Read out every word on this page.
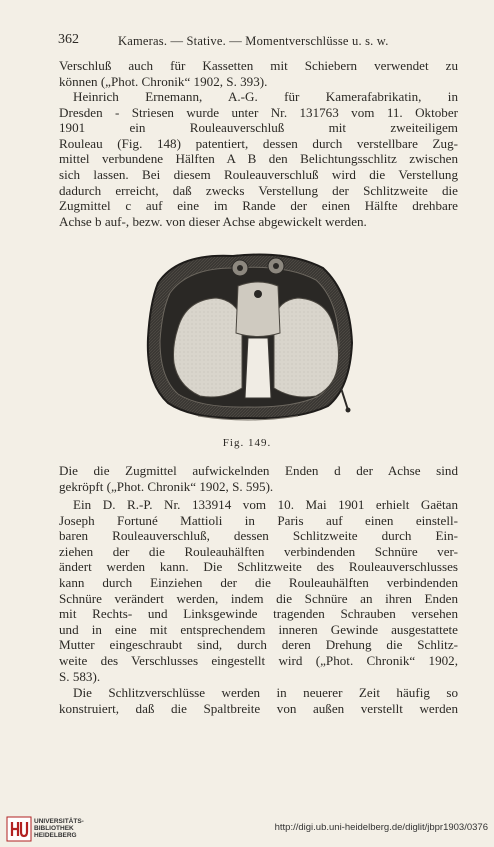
362	Kameras. — Stative. — Momentverschlüsse u. s. w.
Verschluß auch für Kassetten mit Schiebern verwendet zu
können („Phot. Chronik“ 1902, S. 393).
Heinrich Ernemann, A.-G. für Kamerafabrikatin, in
Dresden - Striesen wurde unter Nr. 131763 vom 11. Oktober
1901 ein Rouleauverschluß mit zweiteiligem
Rouleau (Fig. 148) patentiert, dessen durch verstellbare Zug-
mittel verbundene Hälften A B den Belichtungsschlitz zwischen
sich lassen. Bei diesem Rouleauverschluß wird die Verstellung
dadurch erreicht, daß zwecks Verstellung der Schlitzweite die
Zugmittel c auf eine im Rande der einen Hälfte drehbare
Achse b auf-, bezw. von dieser Achse abgewickelt werden.
Fig. 149.
Die die Zugmittel aufwickelnden Enden d der Achse sind
gekröpft („Phot. Chronik“ 1902, S. 595).
Ein D. R.-P. Nr. 133914 vom 10. Mai 1901 erhielt Gaëtan
Joseph Fortuné Mattioli in Paris auf einen einstell-
baren Rouleauverschluß, dessen Schlitzweite durch Ein-
ziehen der die Rouleauhälften verbindenden Schnüre ver-
ändert werden kann. Die Schlitzweite des Rouleauverschlusses
kann durch Einziehen der die Rouleauhälften verbindenden
Schnüre verändert werden, indem die Schnüre an ihren Enden
mit Rechts- und Linksgewinde tragenden Schrauben versehen
und in eine mit entsprechendem inneren Gewinde ausgestattete
Mutter eingeschraubt sind, durch deren Drehung die Schlitz-
weite des Verschlusses eingestellt wird („Phot. Chronik“ 1902,
S. 583).
Die Schlitzverschlüsse werden in neuerer Zeit häufig so
konstruiert, daß die Spaltbreite von außen verstellt werden
UNIVERSITÄTS-
BIBLIOTHEK
HEIDELBERG
http://digi.ub.uni-heidelberg.de/diglit/jbpr1903/0376
